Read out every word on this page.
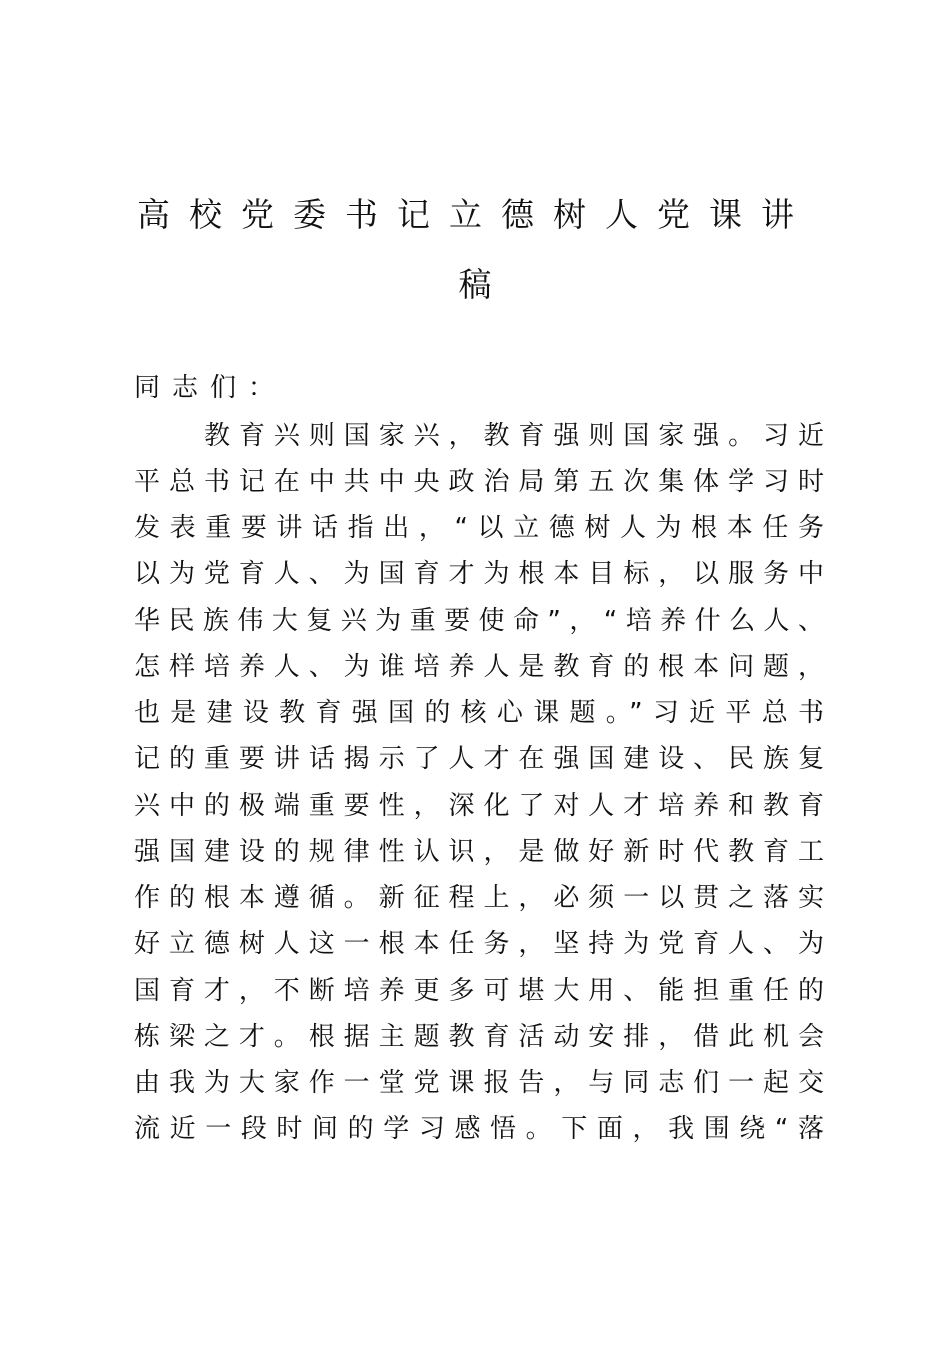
高校党委书记立德树人党课讲
稿
同志们：
教育兴则国家兴，教育强则国家强。习近
平总书记在中共中央政治局第五次集体学习时
发表重要讲话指出，“以立德树人为根本任务
以为党育人、为国育才为根本目标，以服务中
华民族伟大复兴为重要使命”，“培养什么人、
怎样培养人、为谁培养人是教育的根本问题，
也是建设教育强国的核心课题。”习近平总书
记的重要讲话揭示了人才在强国建设、民族复
兴中的极端重要性，深化了对人才培养和教育
强国建设的规律性认识，是做好新时代教育工
作的根本遵循。新征程上，必须一以贯之落实
好立德树人这一根本任务，坚持为党育人、为
国育才，不断培养更多可堪大用、能担重任的
栋梁之才。根据主题教育活动安排，借此机会
由我为大家作一堂党课报告，与同志们一起交
流近一段时间的学习感悟。下面，我围绕“落
